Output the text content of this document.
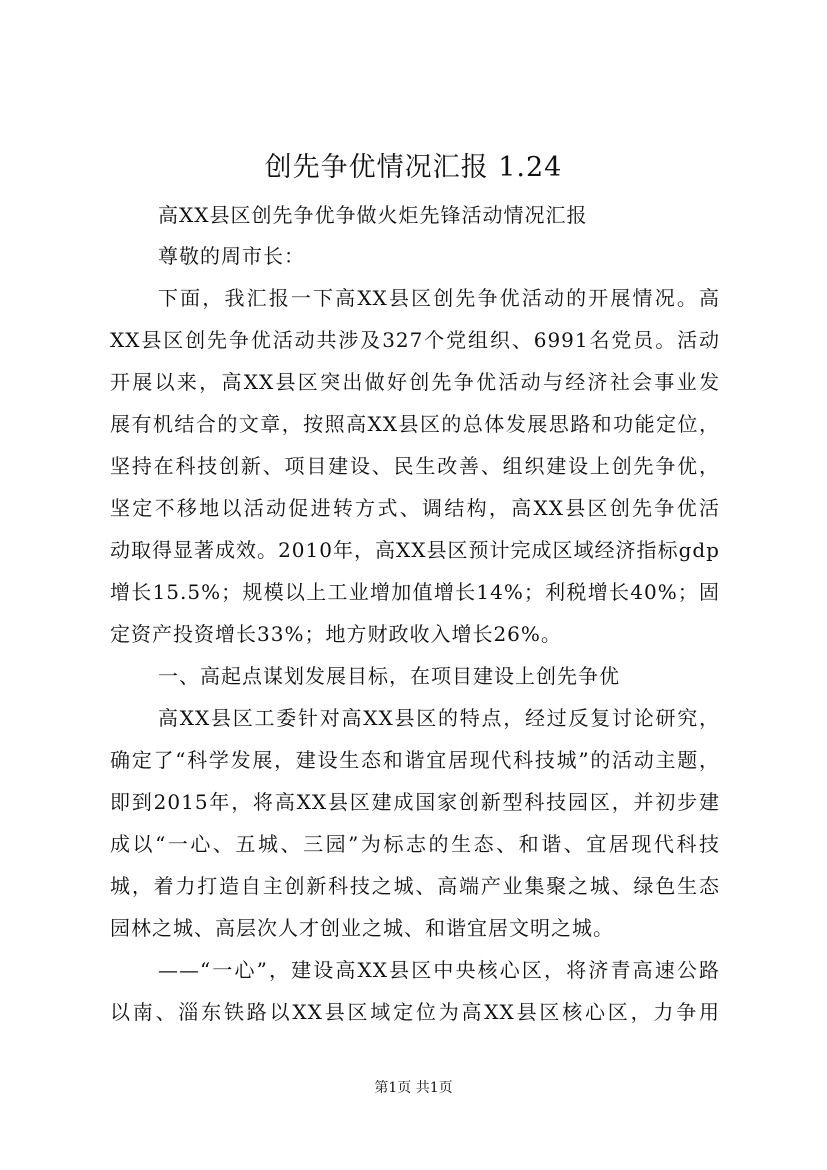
创先争优情况汇报 1.24
高XX县区创先争优争做火炬先锋活动情况汇报
尊敬的周市长：
下面，我汇报一下高XX县区创先争优活动的开展情况。高
XX县区创先争优活动共涉及327个党组织、6991名党员。活动
开展以来，高XX县区突出做好创先争优活动与经济社会事业发
展有机结合的文章，按照高XX县区的总体发展思路和功能定位，
坚持在科技创新、项目建设、民生改善、组织建设上创先争优，
坚定不移地以活动促进转方式、调结构，高XX县区创先争优活
动取得显著成效。2010年，高XX县区预计完成区域经济指标gdp
增长15.5%；规模以上工业增加值增长14%；利税增长40%；固
定资产投资增长33%；地方财政收入增长26%。
一、高起点谋划发展目标，在项目建设上创先争优
高XX县区工委针对高XX县区的特点，经过反复讨论研究，
确定了“科学发展，建设生态和谐宜居现代科技城”的活动主题，
即到2015年，将高XX县区建成国家创新型科技园区，并初步建
成以“一心、五城、三园”为标志的生态、和谐、宜居现代科技
城，着力打造自主创新科技之城、高端产业集聚之城、绿色生态
园林之城、高层次人才创业之城、和谐宜居文明之城。
——“一心”，建设高XX县区中央核心区，将济青高速公路
以南、淄东铁路以XX县区域定位为高XX县区核心区，力争用
第1页 共1页
